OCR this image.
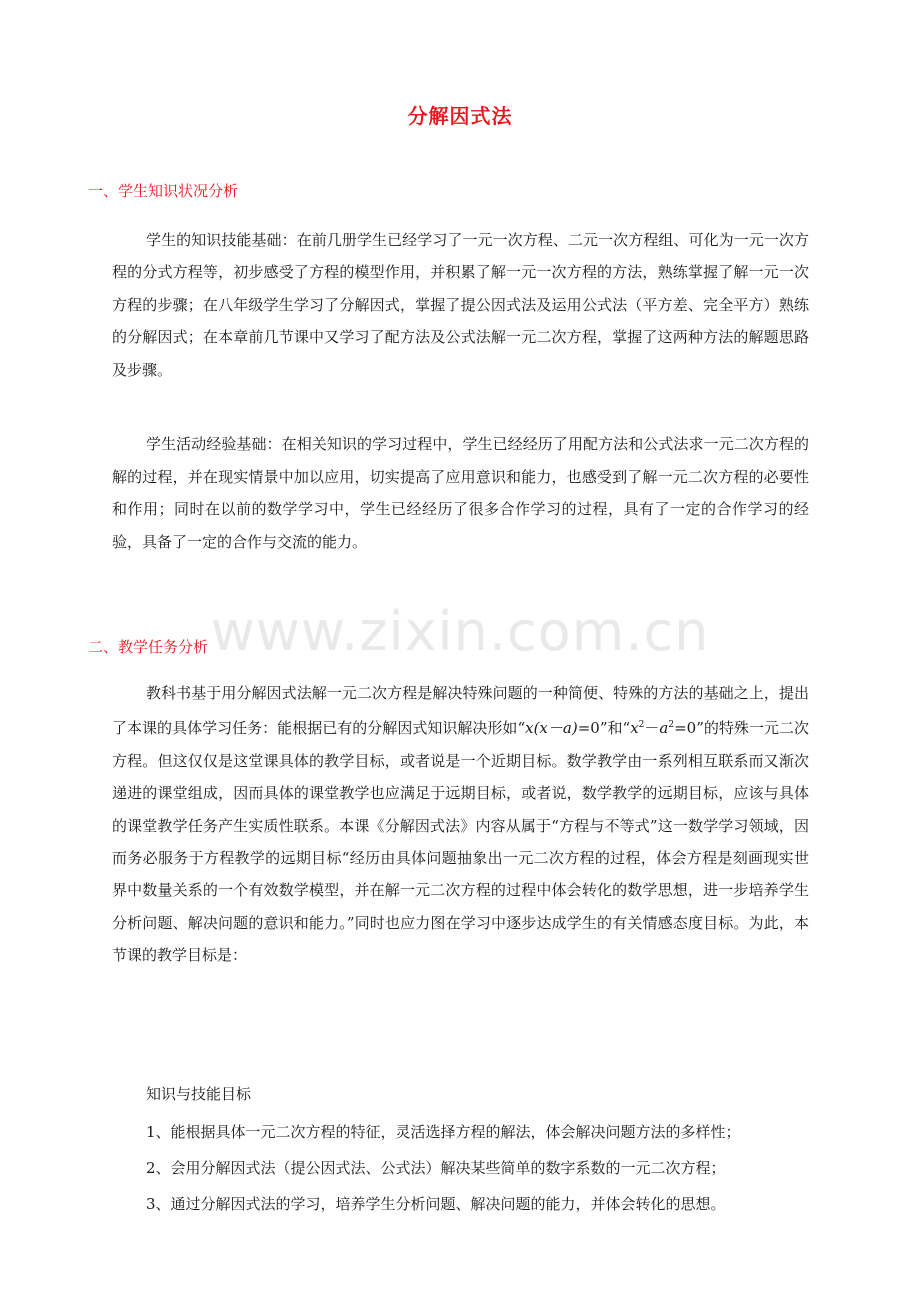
www.zixin.com.cn
分解因式法
一、学生知识状况分析
学生的知识技能基础：在前几册学生已经学习了一元一次方程、二元一次方程组、可化为一元一次方程的分式方程等，初步感受了方程的模型作用，并积累了解一元一次方程的方法，熟练掌握了解一元一次方程的步骤；在八年级学生学习了分解因式，掌握了提公因式法及运用公式法（平方差、完全平方）熟练的分解因式；在本章前几节课中又学习了配方法及公式法解一元二次方程，掌握了这两种方法的解题思路及步骤。
学生活动经验基础：在相关知识的学习过程中，学生已经经历了用配方法和公式法求一元二次方程的解的过程，并在现实情景中加以应用，切实提高了应用意识和能力，也感受到了解一元二次方程的必要性和作用；同时在以前的数学学习中，学生已经经历了很多合作学习的过程，具有了一定的合作学习的经验，具备了一定的合作与交流的能力。
二、教学任务分析
教科书基于用分解因式法解一元二次方程是解决特殊问题的一种简便、特殊的方法的基础之上，提出了本课的具体学习任务：能根据已有的分解因式知识解决形如“x(x－a)=0”和“$x^2-a^2=0$”的特殊一元二次方程。但这仅仅是这堂课具体的教学目标，或者说是一个近期目标。数学教学由一系列相互联系而又渐次递进的课堂组成，因而具体的课堂教学也应满足于远期目标，或者说，数学教学的远期目标，应该与具体的课堂教学任务产生实质性联系。本课《分解因式法》内容从属于“方程与不等式”这一数学学习领域，因而务必服务于方程教学的远期目标“经历由具体问题抽象出一元二次方程的过程，体会方程是刻画现实世界中数量关系的一个有效数学模型，并在解一元二次方程的过程中体会转化的数学思想，进一步培养学生分析问题、解决问题的意识和能力。”同时也应力图在学习中逐步达成学生的有关情感态度目标。为此，本节课的教学目标是：
知识与技能目标
1、能根据具体一元二次方程的特征，灵活选择方程的解法，体会解决问题方法的多样性；
2、会用分解因式法（提公因式法、公式法）解决某些简单的数字系数的一元二次方程；
3、通过分解因式法的学习，培养学生分析问题、解决问题的能力，并体会转化的思想。
